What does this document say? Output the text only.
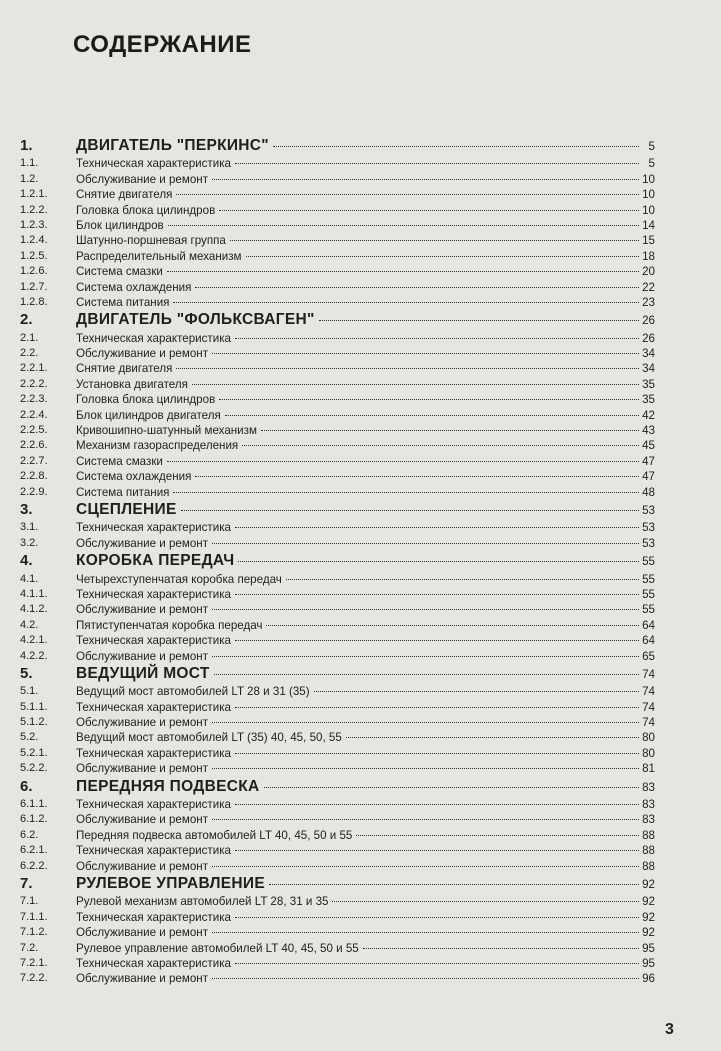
СОДЕРЖАНИЕ
1.	ДВИГАТЕЛЬ "ПЕРКИНС"	5
1.1.	Техническая характеристика	5
1.2.	Обслуживание и ремонт	10
1.2.1. Снятие двигателя	10
1.2.2. Головка блока цилиндров	10
1.2.3. Блок цилиндров	14
1.2.4. Шатунно-поршневая группа	15
1.2.5. Распределительный механизм	18
1.2.6. Система смазки	20
1.2.7. Система охлаждения	22
1.2.8. Система питания	23
2.	ДВИГАТЕЛЬ "ФОЛЬКСВАГЕН"	26
2.1.	Техническая характеристика	26
2.2.	Обслуживание и ремонт	34
2.2.1. Снятие двигателя	34
2.2.2. Установка двигателя	35
2.2.3. Головка блока цилиндров	35
2.2.4. Блок цилиндров двигателя	42
2.2.5. Кривошипно-шатунный механизм	43
2.2.6. Механизм газораспределения	45
2.2.7. Система смазки	47
2.2.8. Система охлаждения	47
2.2.9. Система питания	48
3.	СЦЕПЛЕНИЕ	53
3.1.	Техническая характеристика	53
3.2.	Обслуживание и ремонт	53
4.	КОРОБКА ПЕРЕДАЧ	55
4.1.	Четырехступенчатая коробка передач	55
4.1.1. Техническая характеристика	55
4.1.2. Обслуживание и ремонт	55
4.2.	Пятиступенчатая коробка передач	64
4.2.1. Техническая характеристика	64
4.2.2. Обслуживание и ремонт	65
5.	ВЕДУЩИЙ МОСТ	74
5.1.	Ведущий мост автомобилей LT 28 и 31 (35)	74
5.1.1. Техническая характеристика	74
5.1.2. Обслуживание и ремонт	74
5.2.	Ведущий мост автомобилей LT (35) 40, 45, 50, 55	80
5.2.1. Техническая характеристика	80
5.2.2. Обслуживание и ремонт	81
6.	ПЕРЕДНЯЯ ПОДВЕСКА	83
6.1.1. Техническая характеристика	83
6.1.2. Обслуживание и ремонт	83
6.2.	Передняя подвеска автомобилей LT 40, 45, 50 и 55	88
6.2.1. Техническая характеристика	88
6.2.2. Обслуживание и ремонт	88
7.	РУЛЕВОЕ УПРАВЛЕНИЕ	92
7.1.	Рулевой механизм автомобилей LT 28, 31 и 35	92
7.1.1. Техническая характеристика	92
7.1.2. Обслуживание и ремонт	92
7.2.	Рулевое управление автомобилей LT 40, 45, 50 и 55	95
7.2.1. Техническая характеристика	95
7.2.2. Обслуживание и ремонт	96
3
